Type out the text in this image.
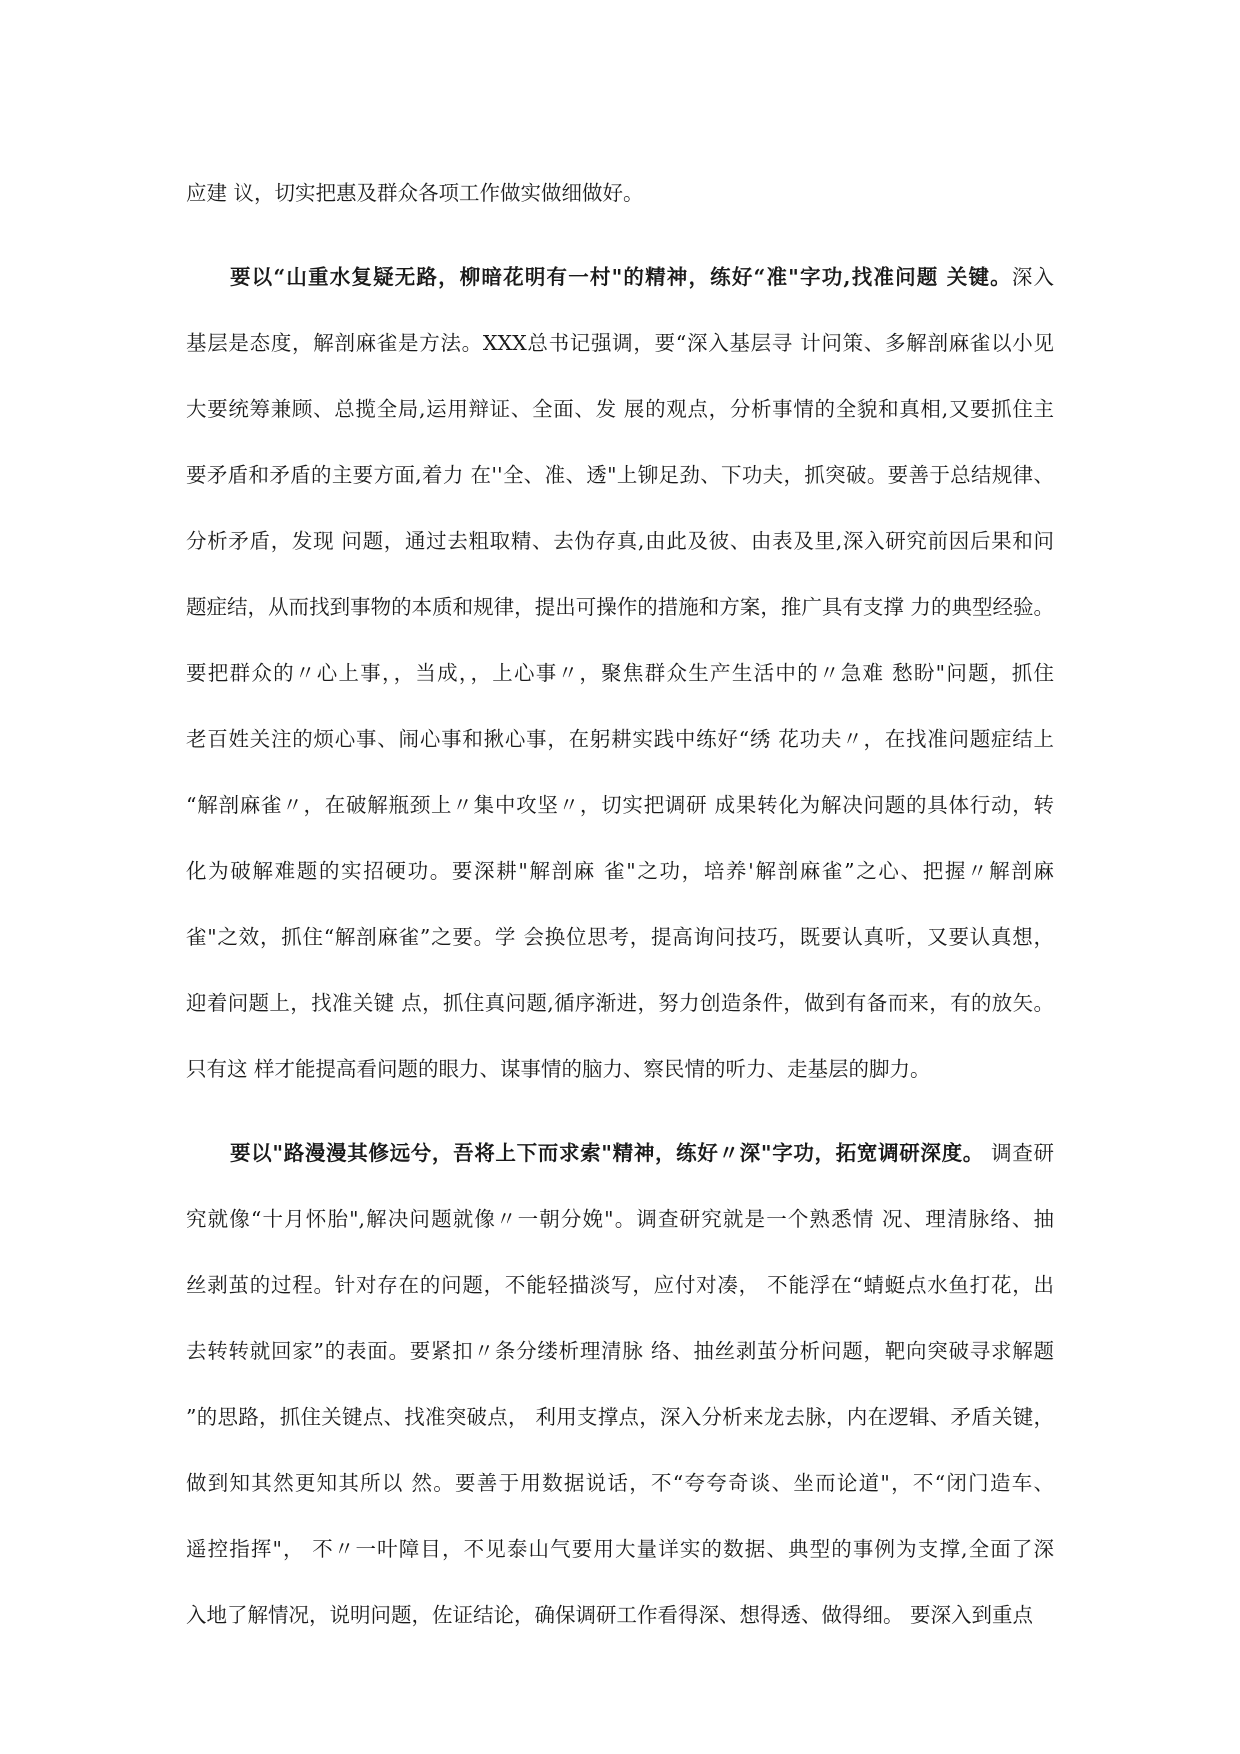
应建 议，切实把惠及群众各项工作做实做细做好。
要以“山重水复疑无路，柳暗花明有一村"的精神，练好“准"字功,找准问题 关键。深入
基层是态度，解剖麻雀是方法。XXX总书记强调，要“深入基层寻 计问策、多解剖麻雀以小见
大要统筹兼顾、总揽全局,运用辩证、全面、发 展的观点，分析事情的全貌和真相,又要抓住主
要矛盾和矛盾的主要方面,着力 在''全、准、透"上铆足劲、下功夫，抓突破。要善于总结规律、
分析矛盾，发现 问题，通过去粗取精、去伪存真,由此及彼、由表及里,深入研究前因后果和问
题症结，从而找到事物的本质和规律，提出可操作的措施和方案，推广具有支撑 力的典型经验。
要把群众的〃心上事，，当成，，上心事〃，聚焦群众生产生活中的〃急难 愁盼"问题，抓住
老百姓关注的烦心事、闹心事和揪心事，在躬耕实践中练好“绣 花功夫〃，在找准问题症结上
“解剖麻雀〃，在破解瓶颈上〃集中攻坚〃，切实把调研 成果转化为解决问题的具体行动，转
化为破解难题的实招硬功。要深耕"解剖麻 雀"之功，培养'解剖麻雀”之心、把握〃解剖麻
雀"之效，抓住“解剖麻雀”之要。学 会换位思考，提高询问技巧，既要认真听，又要认真想，
迎着问题上，找准关键 点，抓住真问题,循序渐进，努力创造条件，做到有备而来，有的放矢。
只有这 样才能提高看问题的眼力、谋事情的脑力、察民情的听力、走基层的脚力。
要以"路漫漫其修远兮，吾将上下而求索"精神，练好〃深"字功，拓宽调研深度。 调查研
究就像“十月怀胎",解决问题就像〃一朝分娩"。调查研究就是一个熟悉情 况、理清脉络、抽
丝剥茧的过程。针对存在的问题，不能轻描淡写，应付对凑， 不能浮在“蜻蜓点水鱼打花，出
去转转就回家”的表面。要紧扣〃条分缕析理清脉 络、抽丝剥茧分析问题，靶向突破寻求解题
”的思路，抓住关键点、找准突破点， 利用支撑点，深入分析来龙去脉，内在逻辑、矛盾关键，
做到知其然更知其所以 然。要善于用数据说话，不“夸夸奇谈、坐而论道"，不“闭门造车、
遥控指挥"， 不〃一叶障目，不见泰山气要用大量详实的数据、典型的事例为支撑,全面了深
入地了解情况，说明问题，佐证结论，确保调研工作看得深、想得透、做得细。 要深入到重点
